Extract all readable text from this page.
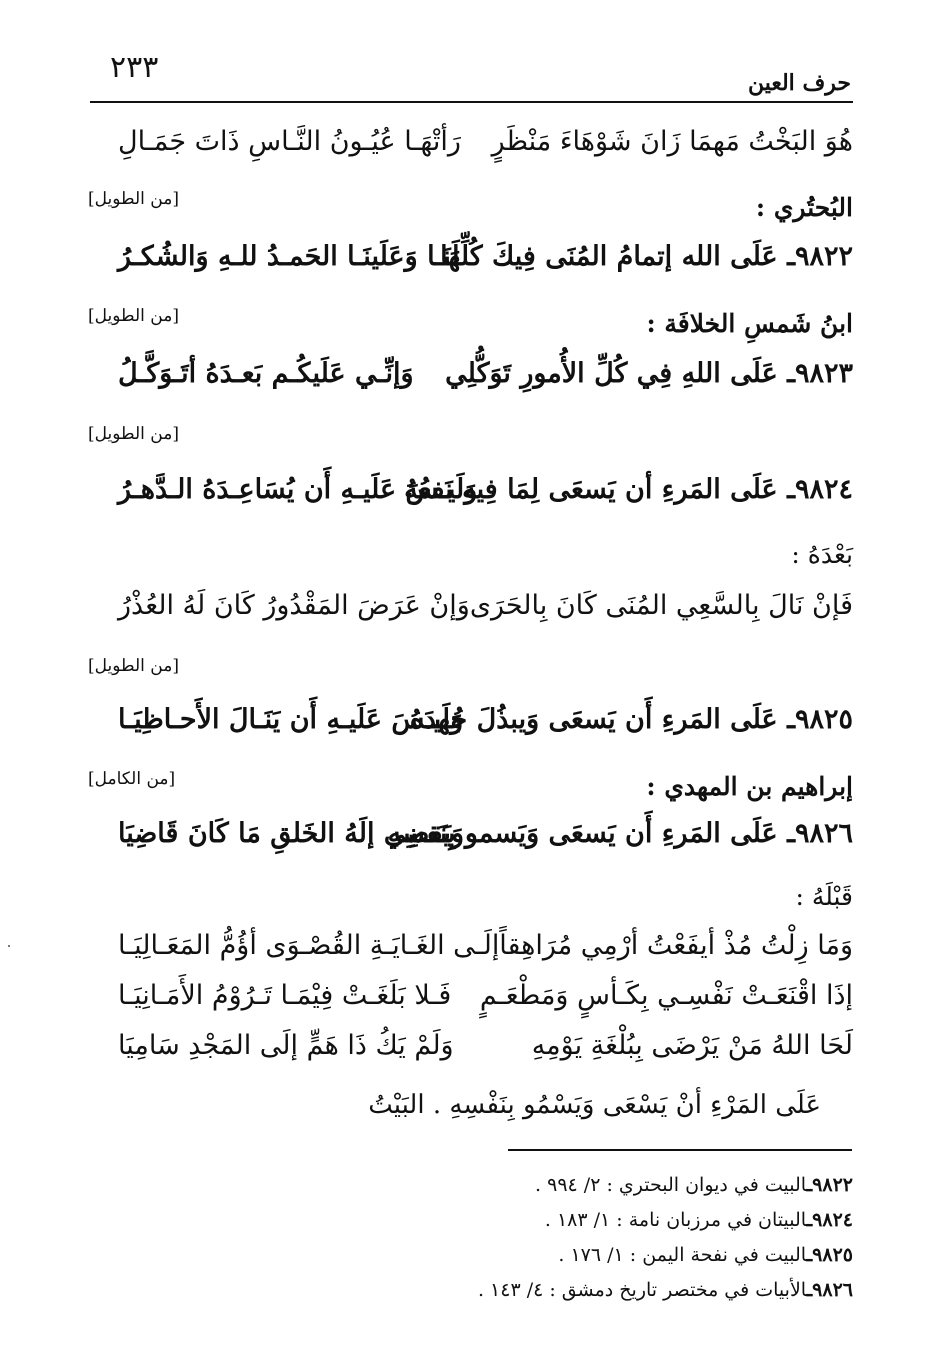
٢٣٣	حرف العين
هُوَ البَخْتُ مَهمَا زَانَ شَوْهَاءَ مَنْظَرٍ
رَأتْهَـا عُيُـونُ النَّـاسِ ذَاتَ جَمَـالِ
البُحتُري :
[من الطويل]
٩٨٢٢ـ عَلَى الله إتمامُ المُنَى فِيكَ كُلِّهَا
لَنَـا وَعَلَينَـا الحَمـدُ للـهِ وَالشُكـرُ
ابنُ شَمسِ الخلافَة :
[من الطويل]
٩٨٢٣ـ عَلَى اللهِ فِي كُلِّ الأُمورِ تَوَكُّلِي
وَإنِّـي عَلَيكُـم بَعـدَهُ أتَـوَكَّـلُ
[من الطويل]
٩٨٢٤ـ عَلَى المَرءِ أن يَسعَى لِمَا فِيهِ نَفعُهُ
وَلَيـسَ عَلَيـهِ أَن يُسَاعِـدَهُ الـدَّهـرُ
بَعْدَهُ :
فَإنْ نَالَ بِالسَّعِي المُنَى كَانَ بِالحَرَى
وَإنْ عَرَضَ المَقْدُورُ كَانَ لَهُ العُذْرُ
[من الطويل]
٩٨٢٥ـ عَلَى المَرءِ أَن يَسعَى وَيبذُلَ جُهدَهُ
وَلَيـسَ عَلَيـهِ أَن يَنَـالَ الأَحـاظِيَـا
إبراهيم بن المهدي :
[من الكامل]
٩٨٢٦ـ عَلَى المَرءِ أَن يَسعَى وَيَسمو بِنَفسِهِ
وَيَقضِي إلَهُ الخَلقِ مَا كَانَ قَاضِيَا
قَبْلَهُ :
وَمَا زِلْتُ مُذْ أيفَعْتُ أرْمِي مُرَاهِقاً
إلَـى الغَـايَـةِ القُصْـوَى أؤُمُّ المَعَـالِيَـا
إذَا اقْنَعَـتْ نَفْسِـي بِكَـأسٍ وَمَطْعَـمٍ
فَـلا بَلَغَـتْ فِيْمَـا تَـرُوْمُ الأَمَـانِيَـا
لَحَا اللهُ مَنْ يَرْضَى بِبُلْغَةِ يَوْمِهِ
وَلَمْ يَكُ ذَا هَمٍّ إلَى المَجْدِ سَامِيَا
عَلَى المَرْءِ أنْ يَسْعَى وَيَسْمُو بِنَفْسِهِ . البَيْتُ
٩٨٢٢ـالبيت في ديوان البحتري : ٢/ ٩٩٤ .
٩٨٢٤ـالبيتان في مرزبان نامة : ١/ ١٨٣ .
٩٨٢٥ـالبيت في نفحة اليمن : ١/ ١٧٦ .
٩٨٢٦ـالأبيات في مختصر تاريخ دمشق : ٤/ ١٤٣ .
